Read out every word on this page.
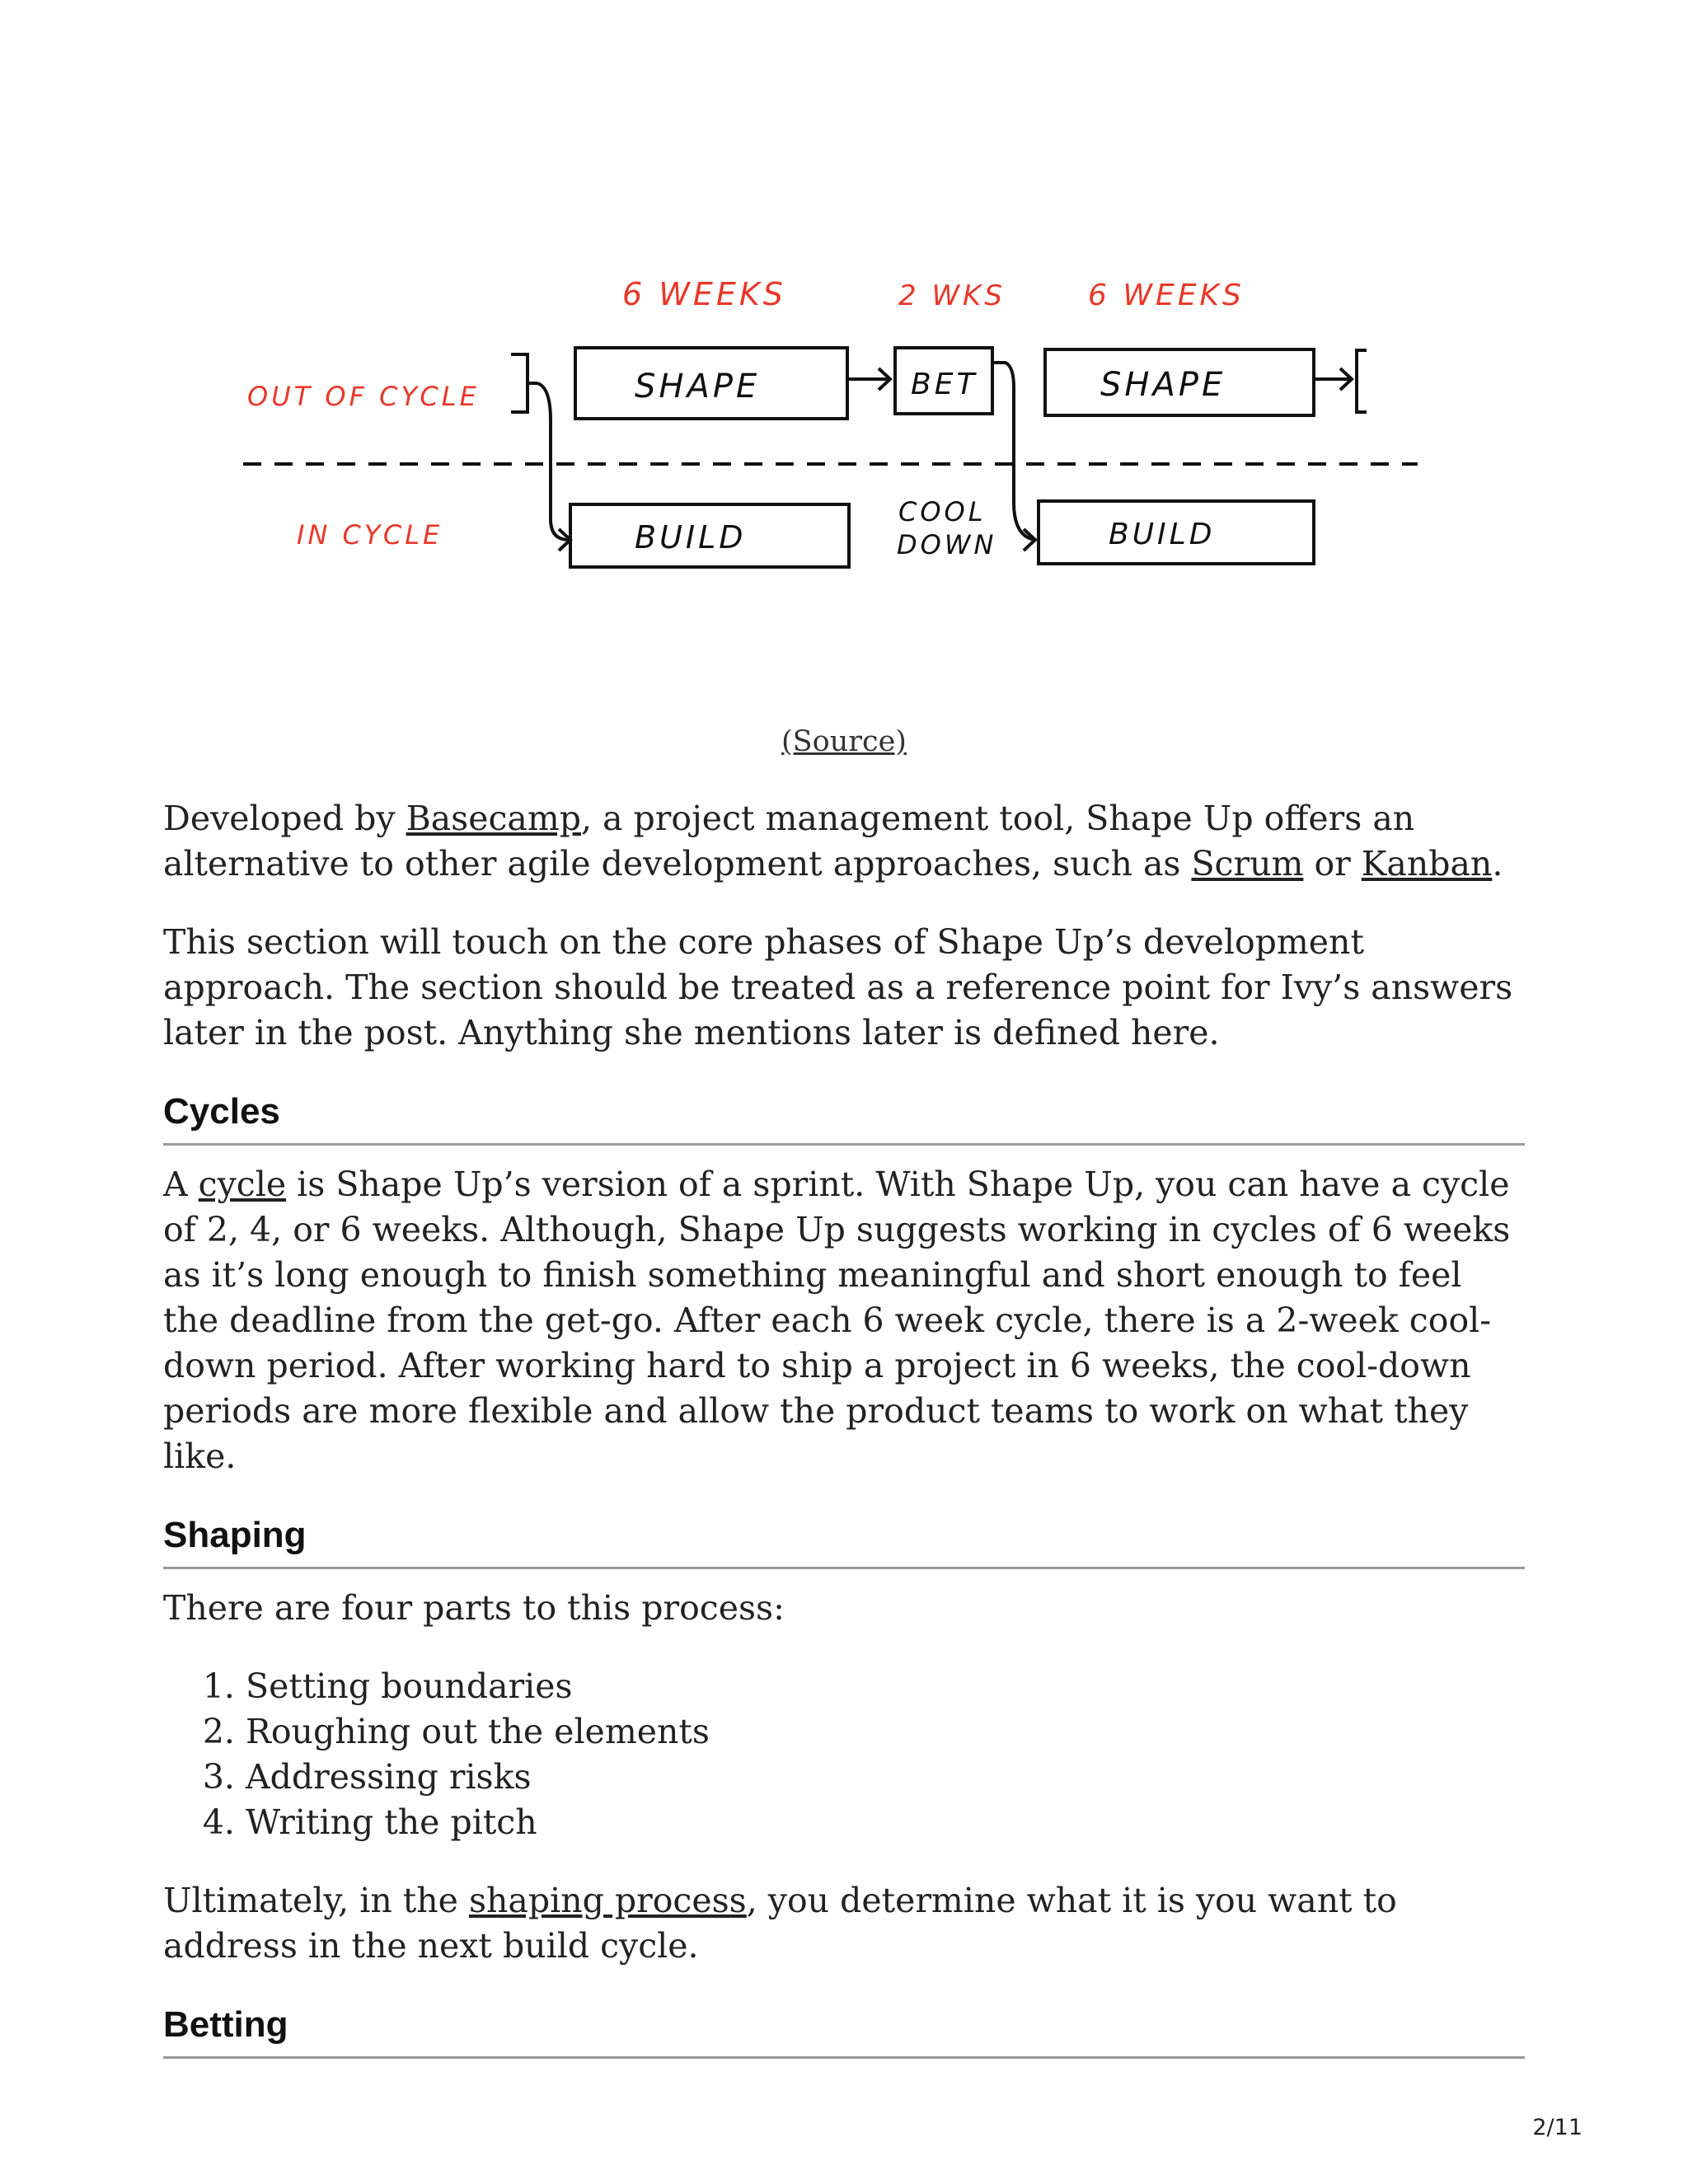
6 WEEKS	2 WKS	6 WEEKS
OUT OF CYCLE
IN CYCLE
SHAPE	BET	SHAPE
BUILD
COOL
DOWN	BUILD
(Source)

Developed by Basecamp, a project management tool, Shape Up offers an alternative to other agile development approaches, such as Scrum or Kanban.

This section will touch on the core phases of Shape Up’s development approach. The section should be treated as a reference point for Ivy’s answers later in the post. Anything she mentions later is defined here.

Cycles

A cycle is Shape Up’s version of a sprint. With Shape Up, you can have a cycle of 2, 4, or 6 weeks. Although, Shape Up suggests working in cycles of 6 weeks as it’s long enough to finish something meaningful and short enough to feel the deadline from the get-go. After each 6 week cycle, there is a 2-week cool-down period. After working hard to ship a project in 6 weeks, the cool-down periods are more flexible and allow the product teams to work on what they like.

Shaping

There are four parts to this process:

1. Setting boundaries
2. Roughing out the elements
3. Addressing risks
4. Writing the pitch

Ultimately, in the shaping process, you determine what it is you want to address in the next build cycle.

Betting
2/11
